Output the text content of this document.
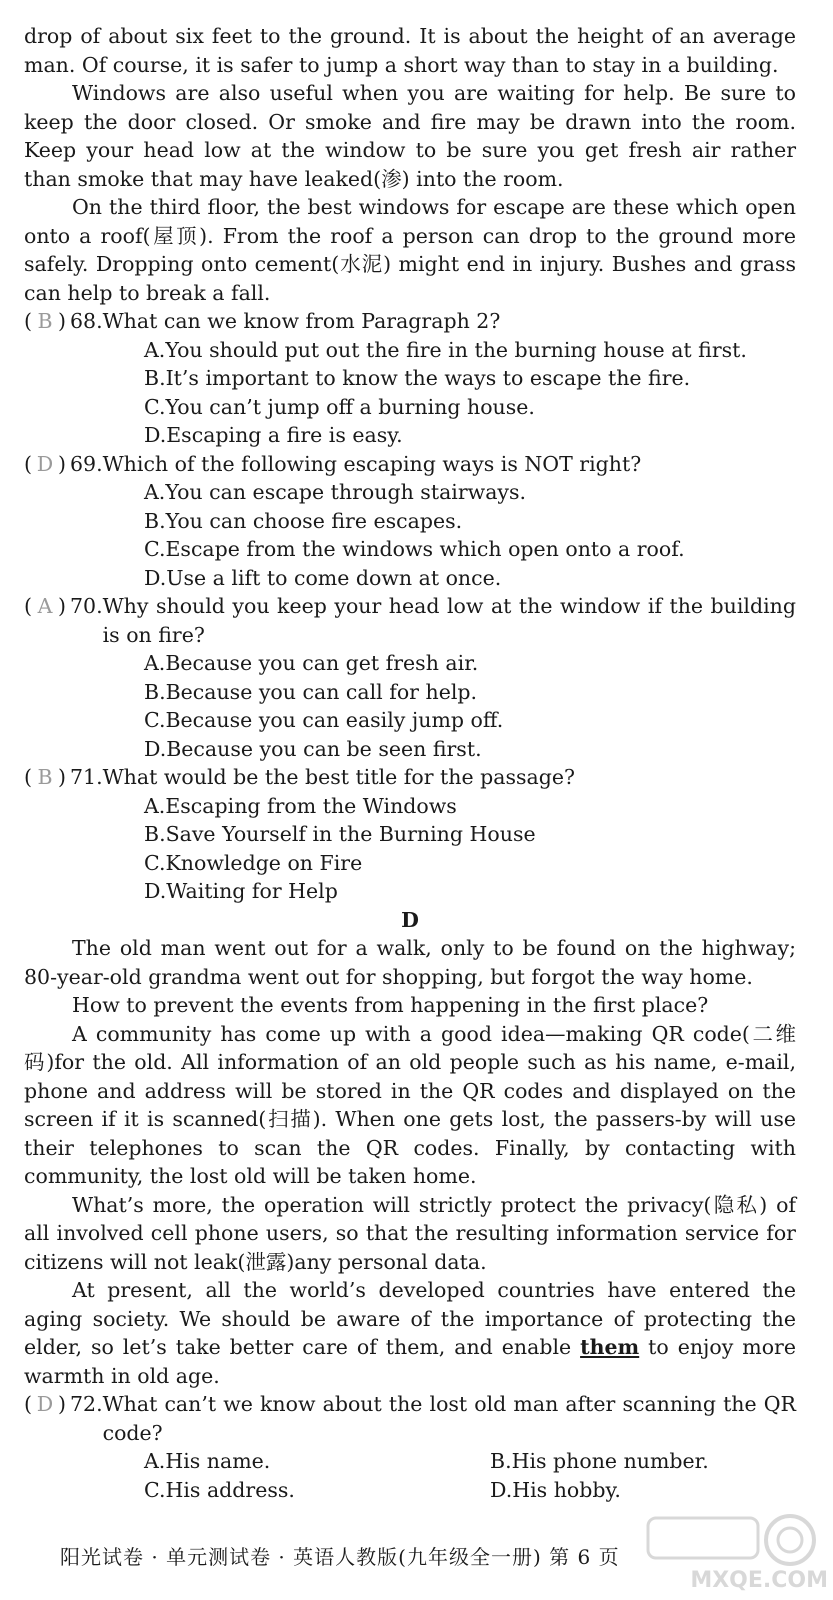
drop of about six feet to the ground. It is about the height of an average man. Of course, it is safer to jump a short way than to stay in a building.

Windows are also useful when you are waiting for help. Be sure to keep the door closed. Or smoke and fire may be drawn into the room. Keep your head low at the window to be sure you get fresh air rather than smoke that may have leaked(渗) into the room.

On the third floor, the best windows for escape are these which open onto a roof(屋顶). From the roof a person can drop to the ground more safely. Dropping onto cement(水泥) might end in injury. Bushes and grass can help to break a fall.

( B ) 68. What can we know from Paragraph 2?
A.You should put out the fire in the burning house at first.
B.It’s important to know the ways to escape the fire.
C.You can’t jump off a burning house.
D.Escaping a fire is easy.
( D ) 69. Which of the following escaping ways is NOT right?
A.You can escape through stairways.
B.You can choose fire escapes.
C.Escape from the windows which open onto a roof.
D.Use a lift to come down at once.
( A ) 70. Why should you keep your head low at the window if the building is on fire?
A.Because you can get fresh air.
B.Because you can call for help.
C.Because you can easily jump off.
D.Because you can be seen first.
( B ) 71. What would be the best title for the passage?
A.Escaping from the Windows
B.Save Yourself in the Burning House
C.Knowledge on Fire
D.Waiting for Help
D

The old man went out for a walk, only to be found on the highway; 80-year-old grandma went out for shopping, but forgot the way home.

How to prevent the events from happening in the first place?

A community has come up with a good idea—making QR code(二维码)for the old. All information of an old people such as his name, e-mail, phone and address will be stored in the QR codes and displayed on the screen if it is scanned(扫描). When one gets lost, the passers-by will use their telephones to scan the QR codes. Finally, by contacting with community, the lost old will be taken home.

What’s more, the operation will strictly protect the privacy(隐私) of all involved cell phone users, so that the resulting information service for citizens will not leak(泄露)any personal data.

At present, all the world’s developed countries have entered the aging society. We should be aware of the importance of protecting the elder, so let’s take better care of them, and enable them to enjoy more warmth in old age.

( D ) 72. What can’t we know about the lost old man after scanning the QR code?
A.His name.	B.His phone number.
C.His address.	D.His hobby.
阳光试卷 · 单元测试卷 · 英语人教版(九年级全一册) 第 6 页
MXQE.COM
